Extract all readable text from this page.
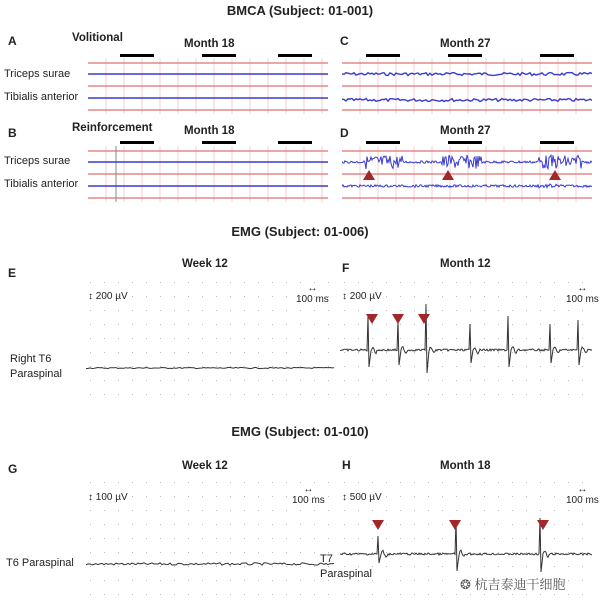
BMCA (Subject: 01-001)
A	Volitional	Month 18
Triceps surae
Tibialis anterior
C	Month 27
B	Reinforcement	Month 18
Triceps surae
Tibialis anterior
D	Month 27
EMG (Subject: 01-006)
E
Week 12
↕ 200 µV
↔
100 ms
Right T6
Paraspinal
F	Month 12
↕ 200 µV
↔
100 ms
EMG (Subject: 01-010)
G	Week 12
↕ 100 µV
↔
100 ms
T6 Paraspinal
H	Month 18
↕ 500 µV
↔
100 ms
T7
Paraspinal
❂ 杭吉泰迪干细胞
